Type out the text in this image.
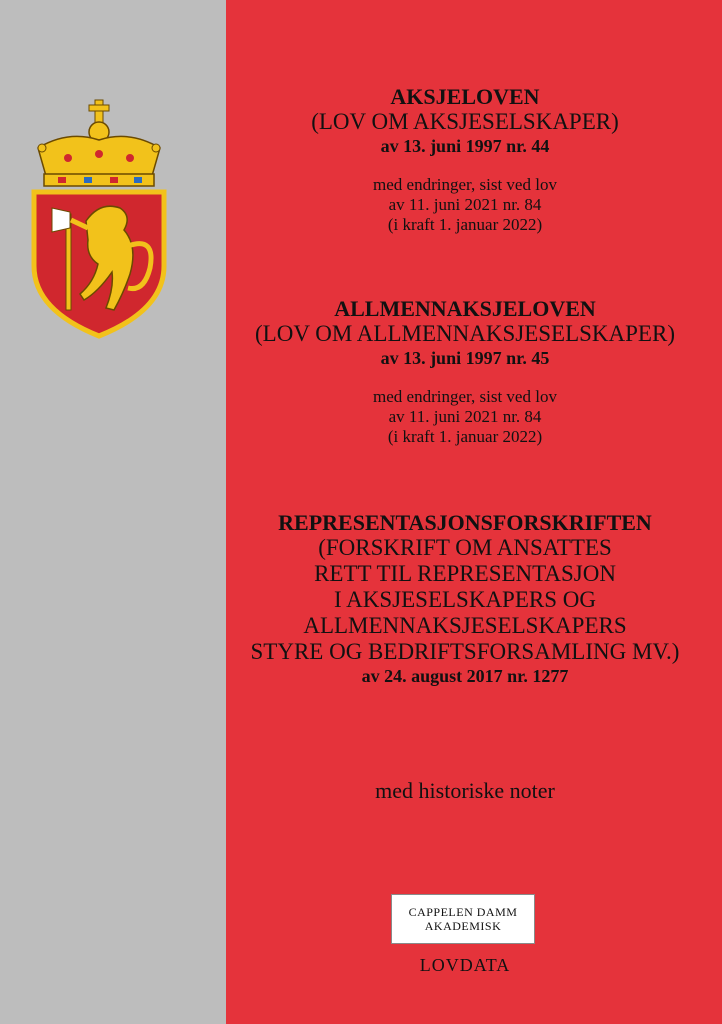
AKSJELOVEN
(LOV OM AKSJESELSKAPER)
av 13. juni 1997 nr. 44
med endringer, sist ved lov
av 11. juni 2021 nr. 84
(i kraft 1. januar 2022)
ALLMENNAKSJELOVEN
(LOV OM ALLMENNAKSJESELSKAPER)
av 13. juni 1997 nr. 45
med endringer, sist ved lov
av 11. juni 2021 nr. 84
(i kraft 1. januar 2022)
REPRESENTASJONSFORSKRIFTEN
(FORSKRIFT OM ANSATTES
RETT TIL REPRESENTASJON
I AKSJESELSKAPERS OG
ALLMENNAKSJESELSKAPERS
STYRE OG BEDRIFTSFORSAMLING MV.)
av 24. august 2017 nr. 1277
med historiske noter
CAPPELEN DAMM
AKADEMISK
LOVDATA
